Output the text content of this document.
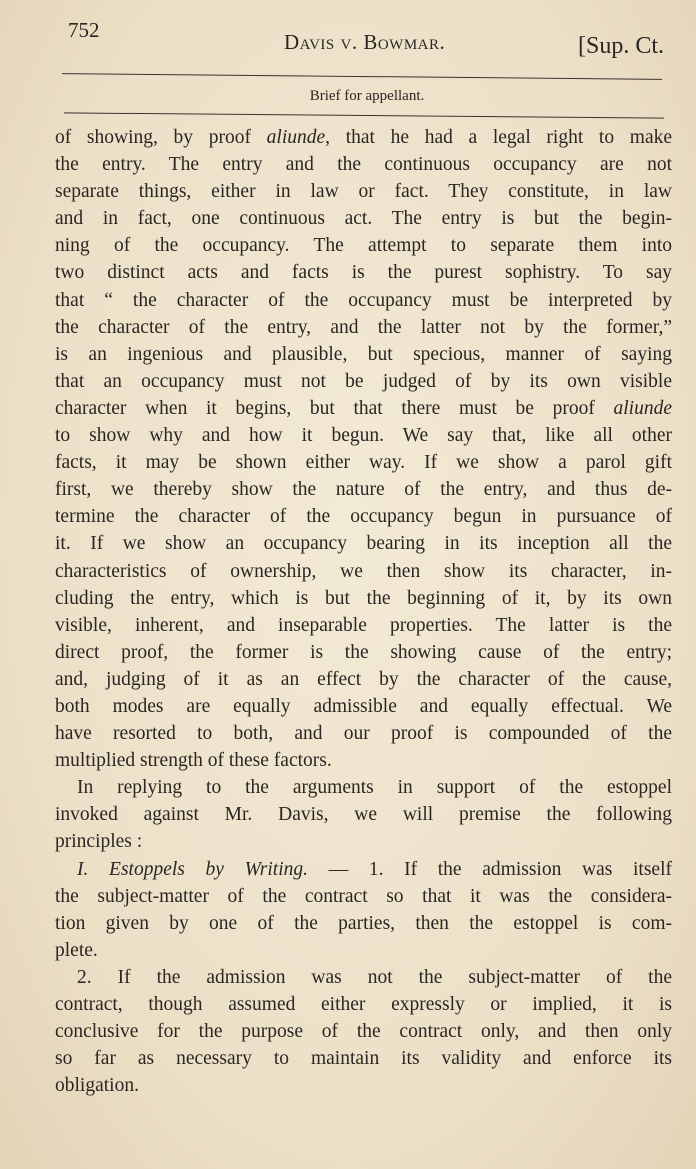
752	Davis v. Bowmar.	[Sup. Ct.
Brief for appellant.
of showing, by proof aliunde, that he had a legal right to make
the entry. The entry and the continuous occupancy are not
separate things, either in law or fact. They constitute, in law
and in fact, one continuous act. The entry is but the begin-
ning of the occupancy. The attempt to separate them into
two distinct acts and facts is the purest sophistry. To say
that “ the character of the occupancy must be interpreted by
the character of the entry, and the latter not by the former,”
is an ingenious and plausible, but specious, manner of saying
that an occupancy must not be judged of by its own visible
character when it begins, but that there must be proof aliunde
to show why and how it begun. We say that, like all other
facts, it may be shown either way. If we show a parol gift
first, we thereby show the nature of the entry, and thus de-
termine the character of the occupancy begun in pursuance of
it. If we show an occupancy bearing in its inception all the
characteristics of ownership, we then show its character, in-
cluding the entry, which is but the beginning of it, by its own
visible, inherent, and inseparable properties. The latter is the
direct proof, the former is the showing cause of the entry;
and, judging of it as an effect by the character of the cause,
both modes are equally admissible and equally effectual. We
have resorted to both, and our proof is compounded of the
multiplied strength of these factors.
In replying to the arguments in support of the estoppel
invoked against Mr. Davis, we will premise the following
principles :
I. Estoppels by Writing. — 1. If the admission was itself
the subject-matter of the contract so that it was the considera-
tion given by one of the parties, then the estoppel is com-
plete.
2. If the admission was not the subject-matter of the
contract, though assumed either expressly or implied, it is
conclusive for the purpose of the contract only, and then only
so far as necessary to maintain its validity and enforce its
obligation.
